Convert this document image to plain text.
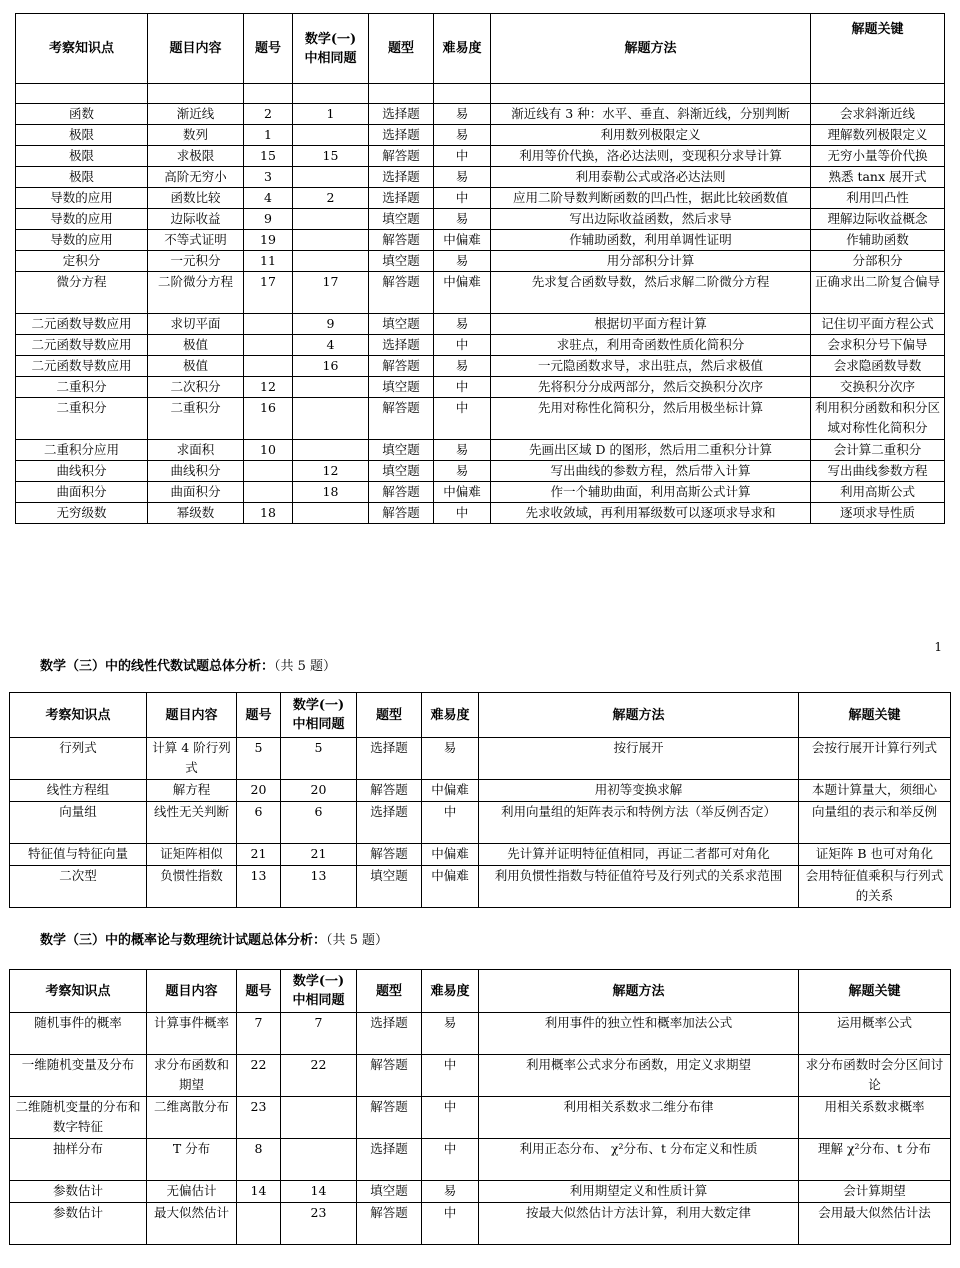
考察知识点	题目内容	题号	数学(一)
中相同题	题型	难易度	解题方法	解题关键

函数	渐近线	2	1	选择题	易	渐近线有 3 种：水平、垂直、斜渐近线，分别判断	会求斜渐近线
极限	数列	1		选择题	易	利用数列极限定义	理解数列极限定义
极限	求极限	15	15	解答题	中	利用等价代换，洛必达法则，变现积分求导计算	无穷小量等价代换
极限	高阶无穷小	3		选择题	易	利用泰勒公式或洛必达法则	熟悉 tanx 展开式
导数的应用	函数比较	4	2	选择题	中	应用二阶导数判断函数的凹凸性，据此比较函数值	利用凹凸性
导数的应用	边际收益	9		填空题	易	写出边际收益函数，然后求导	理解边际收益概念
导数的应用	不等式证明	19		解答题	中偏难	作辅助函数，利用单调性证明	作辅助函数
定积分	一元积分	11		填空题	易	用分部积分计算	分部积分
微分方程	二阶微分方程	17	17	解答题	中偏难	先求复合函数导数，然后求解二阶微分方程	正确求出二阶复合偏导
二元函数导数应用	求切平面		9	填空题	易	根据切平面方程计算	记住切平面方程公式
二元函数导数应用	极值		4	选择题	中	求驻点，利用奇函数性质化简积分	会求积分号下偏导
二元函数导数应用	极值		16	解答题	易	一元隐函数求导，求出驻点，然后求极值	会求隐函数导数
二重积分	二次积分	12		填空题	中	先将积分分成两部分，然后交换积分次序	交换积分次序
二重积分	二重积分	16		解答题	中	先用对称性化简积分，然后用极坐标计算	利用积分函数和积分区域对称性化简积分
二重积分应用	求面积	10		填空题	易	先画出区域 D 的图形，然后用二重积分计算	会计算二重积分
曲线积分	曲线积分		12	填空题	易	写出曲线的参数方程，然后带入计算	写出曲线参数方程
曲面积分	曲面积分		18	解答题	中偏难	作一个辅助曲面，利用高斯公式计算	利用高斯公式
无穷级数	幂级数	18		解答题	中	先求收敛域，再利用幂级数可以逐项求导求和	逐项求导性质
1
数学（三）中的线性代数试题总体分析：（共 5 题）
考察知识点	题目内容	题号	数学(一)
中相同题	题型	难易度	解题方法	解题关键
行列式	计算 4 阶行列式	5	5	选择题	易	按行展开	会按行展开计算行列式
线性方程组	解方程	20	20	解答题	中偏难	用初等变换求解	本题计算量大，须细心
向量组	线性无关判断	6	6	选择题	中	利用向量组的矩阵表示和特例方法（举反例否定）	向量组的表示和举反例
特征值与特征向量	证矩阵相似	21	21	解答题	中偏难	先计算并证明特征值相同，再证二者都可对角化	证矩阵 B 也可对角化
二次型	负惯性指数	13	13	填空题	中偏难	利用负惯性指数与特征值符号及行列式的关系求范围	会用特征值乘积与行列式的关系
数学（三）中的概率论与数理统计试题总体分析：（共 5 题）
考察知识点	题目内容	题号	数学(一)
中相同题	题型	难易度	解题方法	解题关键
随机事件的概率	计算事件概率	7	7	选择题	易	利用事件的独立性和概率加法公式	运用概率公式
一维随机变量及分布	求分布函数和期望	22	22	解答题	中	利用概率公式求分布函数，用定义求期望	求分布函数时会分区间讨论
二维随机变量的分布和数字特征	二维离散分布	23		解答题	中	利用相关系数求二维分布律	用相关系数求概率
抽样分布	T 分布	8		选择题	中	利用正态分布、 χ²分布、t 分布定义和性质	理解 χ²分布、t 分布
参数估计	无偏估计	14	14	填空题	易	利用期望定义和性质计算	会计算期望
参数估计	最大似然估计		23	解答题	中	按最大似然估计方法计算，利用大数定律	会用最大似然估计法
